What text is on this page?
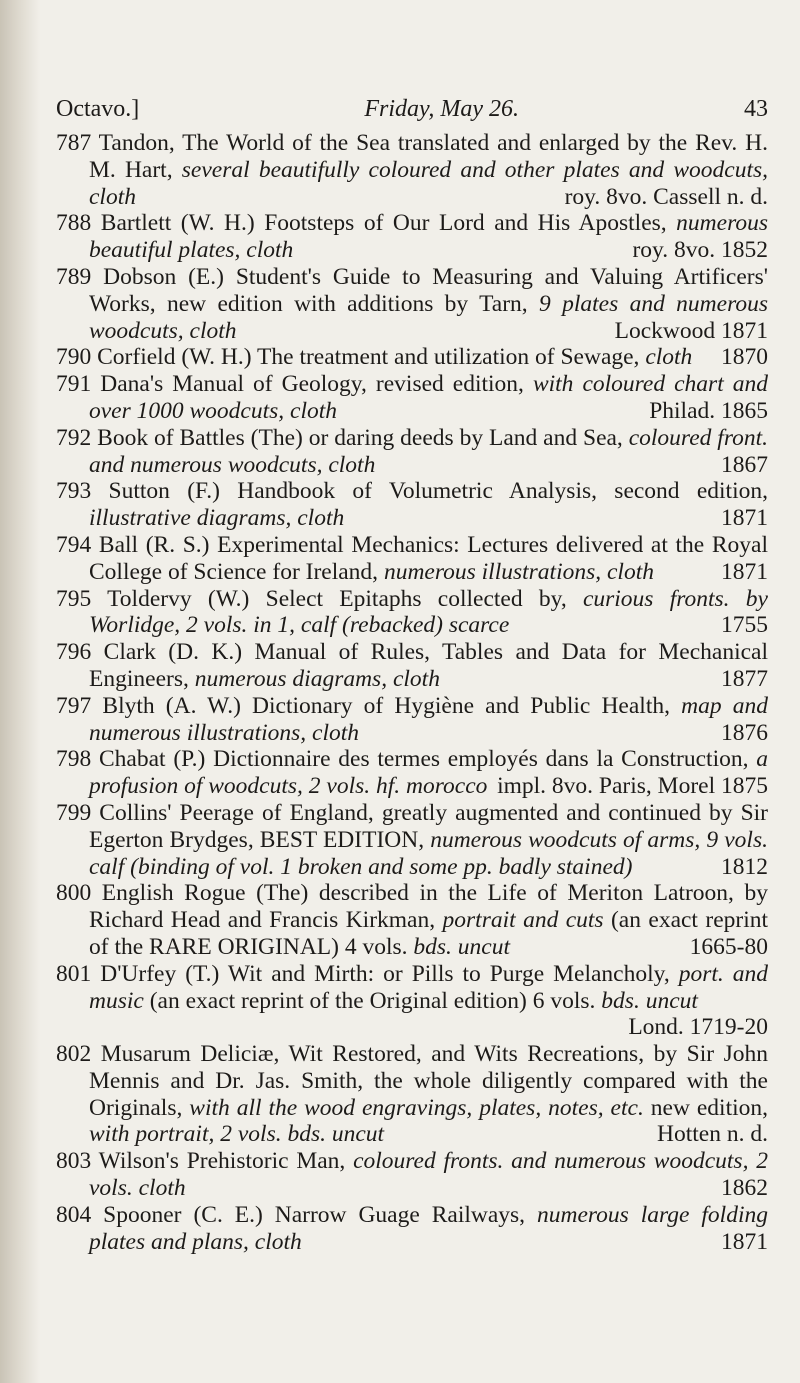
Octavo.]	Friday, May 26.	43
787 Tandon, The World of the Sea translated and enlarged by the Rev. H. M. Hart, several beautifully coloured and other plates and woodcuts, cloth	roy. 8vo. Cassell n. d.
788 Bartlett (W. H.) Footsteps of Our Lord and His Apostles, numerous beautiful plates, cloth	roy. 8vo. 1852
789 Dobson (E.) Student's Guide to Measuring and Valuing Artificers' Works, new edition with additions by Tarn, 9 plates and numerous woodcuts, cloth	Lockwood 1871
790 Corfield (W. H.) The treatment and utilization of Sewage, cloth 1870
791 Dana's Manual of Geology, revised edition, with coloured chart and over 1000 woodcuts, cloth	Philad. 1865
792 Book of Battles (The) or daring deeds by Land and Sea, coloured front. and numerous woodcuts, cloth	1867
793 Sutton (F.) Handbook of Volumetric Analysis, second edition, illustrative diagrams, cloth	1871
794 Ball (R. S.) Experimental Mechanics: Lectures delivered at the Royal College of Science for Ireland, numerous illustrations, cloth	1871
795 Toldervy (W.) Select Epitaphs collected by, curious fronts. by Worlidge, 2 vols. in 1, calf (rebacked) scarce	1755
796 Clark (D. K.) Manual of Rules, Tables and Data for Mechanical Engineers, numerous diagrams, cloth	1877
797 Blyth (A. W.) Dictionary of Hygiène and Public Health, map and numerous illustrations, cloth	1876
798 Chabat (P.) Dictionnaire des termes employés dans la Construction, a profusion of woodcuts, 2 vols. hf. morocco impl. 8vo. Paris, Morel 1875
799 Collins' Peerage of England, greatly augmented and continued by Sir Egerton Brydges, BEST EDITION, numerous woodcuts of arms, 9 vols. calf (binding of vol. 1 broken and some pp. badly stained)	1812
800 English Rogue (The) described in the Life of Meriton Latroon, by Richard Head and Francis Kirkman, portrait and cuts (an exact reprint of the RARE ORIGINAL) 4 vols. bds. uncut	1665-80
801 D'Urfey (T.) Wit and Mirth: or Pills to Purge Melancholy, port. and music (an exact reprint of the Original edition) 6 vols. bds. uncut
Lond. 1719-20
802 Musarum Deliciæ, Wit Restored, and Wits Recreations, by Sir John Mennis and Dr. Jas. Smith, the whole diligently compared with the Originals, with all the wood engravings, plates, notes, etc. new edition, with portrait, 2 vols. bds. uncut	Hotten n. d.
803 Wilson's Prehistoric Man, coloured fronts. and numerous woodcuts, 2 vols. cloth	1862
804 Spooner (C. E.) Narrow Guage Railways, numerous large folding plates and plans, cloth	1871
